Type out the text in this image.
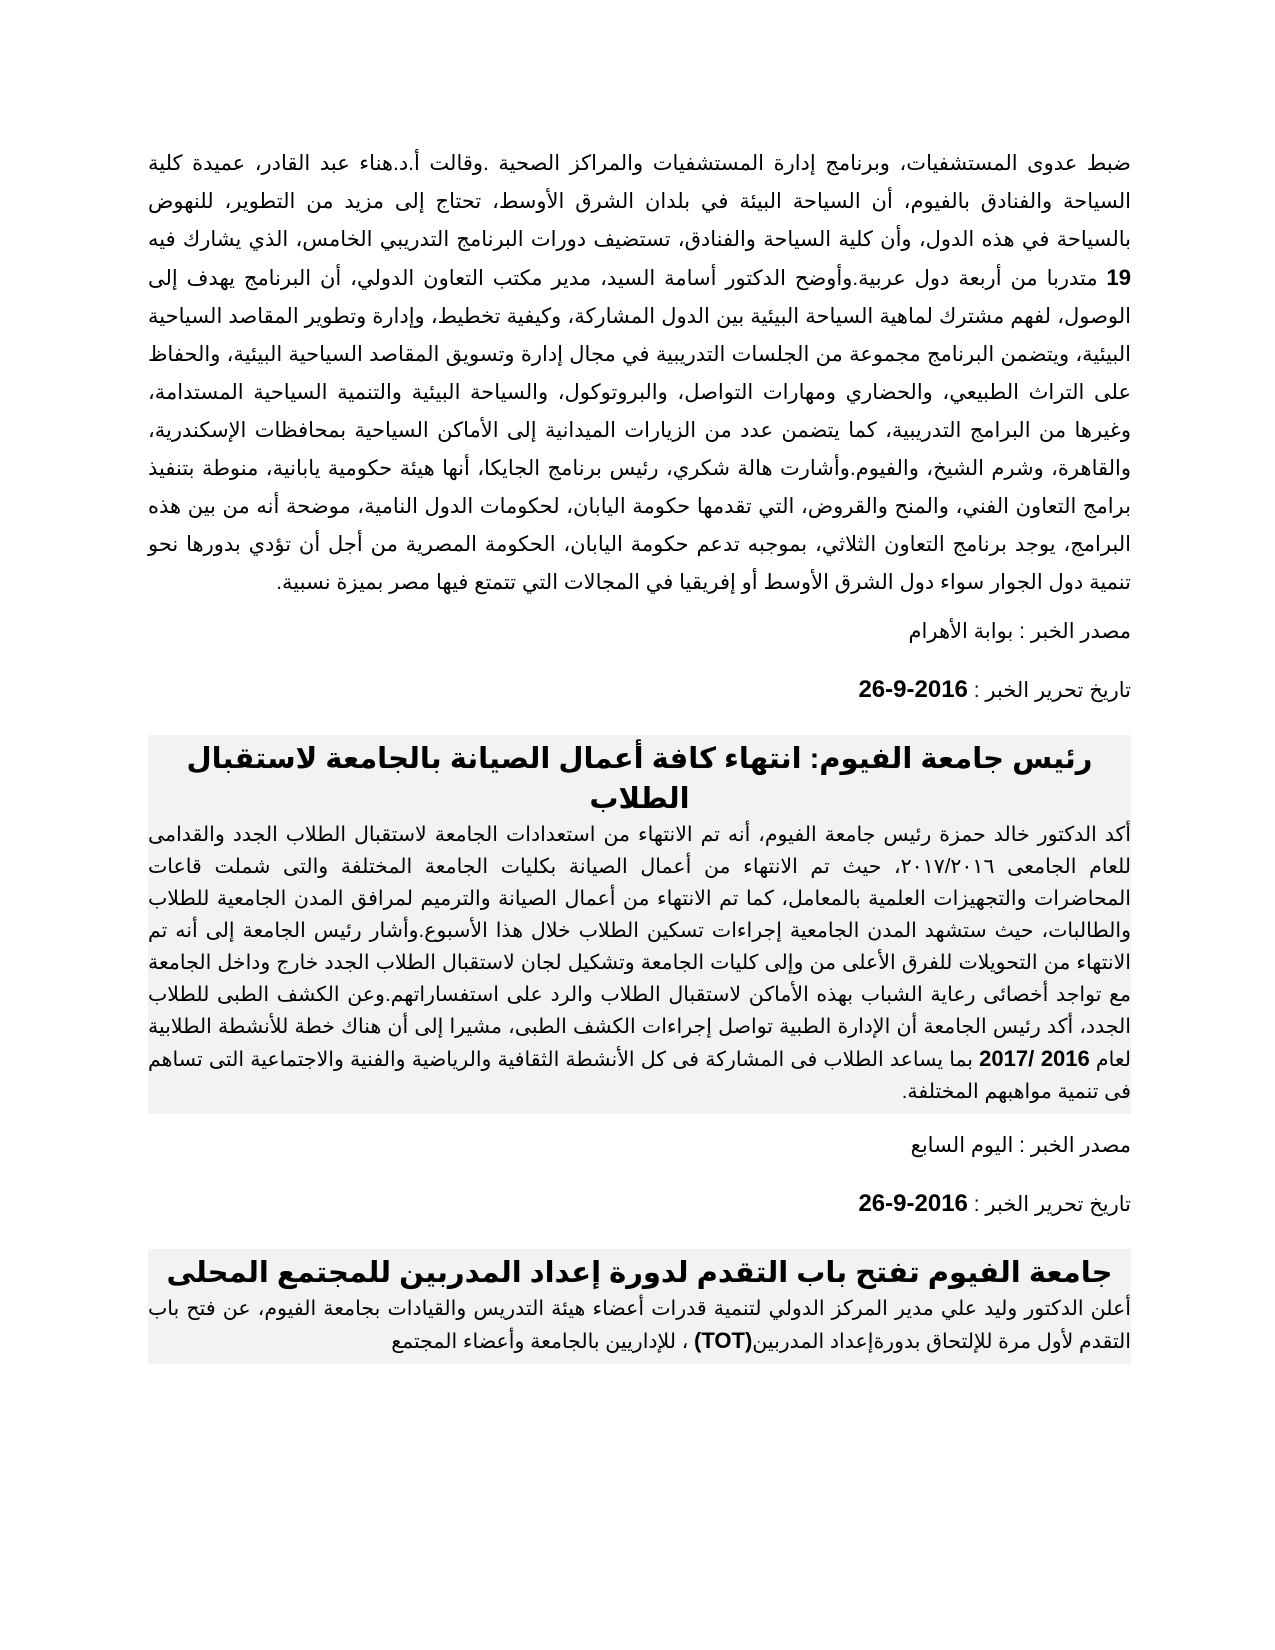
ضبط عدوى المستشفيات، وبرنامج إدارة المستشفيات والمراكز الصحية .وقالت أ.د.هناء عبد القادر، عميدة كلية السياحة والفنادق بالفيوم، أن السياحة البيئة في بلدان الشرق الأوسط، تحتاج إلى مزيد من التطوير، للنهوض بالسياحة في هذه الدول، وأن كلية السياحة والفنادق، تستضيف دورات البرنامج التدريبي الخامس، الذي يشارك فيه 19 متدربا من أربعة دول عربية.وأوضح الدكتور أسامة السيد، مدير مكتب التعاون الدولي، أن البرنامج يهدف إلى الوصول، لفهم مشترك لماهية السياحة البيئية بين الدول المشاركة، وكيفية تخطيط، وإدارة وتطوير المقاصد السياحية البيئية، ويتضمن البرنامج مجموعة من الجلسات التدريبية في مجال إدارة وتسويق المقاصد السياحية البيئية، والحفاظ على التراث الطبيعي، والحضاري ومهارات التواصل، والبروتوكول، والسياحة البيئية والتنمية السياحية المستدامة، وغيرها من البرامج التدريبية، كما يتضمن عدد من الزيارات الميدانية إلى الأماكن السياحية بمحافظات الإسكندرية، والقاهرة، وشرم الشيخ، والفيوم.وأشارت هالة شكري، رئيس برنامج الجايكا، أنها هيئة حكومية يابانية، منوطة بتنفيذ برامج التعاون الفني، والمنح والقروض، التي تقدمها حكومة اليابان، لحكومات الدول النامية، موضحة أنه من بين هذه البرامج، يوجد برنامج التعاون الثلاثي، بموجبه تدعم حكومة اليابان، الحكومة المصرية من أجل أن تؤدي بدورها نحو تنمية دول الجوار سواء دول الشرق الأوسط أو إفريقيا في المجالات التي تتمتع فيها مصر بميزة نسبية.

مصدر الخبر : بوابة الأهرام

تاريخ تحرير الخبر : 2016-9-26

رئيس جامعة الفيوم: انتهاء كافة أعمال الصيانة بالجامعة لاستقبال الطلاب

أكد الدكتور خالد حمزة رئيس جامعة الفيوم، أنه تم الانتهاء من استعدادات الجامعة لاستقبال الطلاب الجدد والقدامى للعام الجامعى ٢٠١٧/٢٠١٦، حيث تم الانتهاء من أعمال الصيانة بكليات الجامعة المختلفة والتى شملت قاعات المحاضرات والتجهيزات العلمية بالمعامل، كما تم الانتهاء من أعمال الصيانة والترميم لمرافق المدن الجامعية للطلاب والطالبات، حيث ستشهد المدن الجامعية إجراءات تسكين الطلاب خلال هذا الأسبوع.وأشار رئيس الجامعة إلى أنه تم الانتهاء من التحويلات للفرق الأعلى من وإلى كليات الجامعة وتشكيل لجان لاستقبال الطلاب الجدد خارج وداخل الجامعة مع تواجد أخصائى رعاية الشباب بهذه الأماكن لاستقبال الطلاب والرد على استفساراتهم.وعن الكشف الطبى للطلاب الجدد، أكد رئيس الجامعة أن الإدارة الطبية تواصل إجراءات الكشف الطبى، مشيرا إلى أن هناك خطة للأنشطة الطلابية لعام 2016 /2017 بما يساعد الطلاب فى المشاركة فى كل الأنشطة الثقافية والرياضية والفنية والاجتماعية التى تساهم فى تنمية مواهبهم المختلفة.

مصدر الخبر : اليوم السابع

تاريخ تحرير الخبر : 2016-9-26

جامعة الفيوم تفتح باب التقدم لدورة إعداد المدربين للمجتمع المحلى

أعلن الدكتور وليد علي مدير المركز الدولي لتنمية قدرات أعضاء هيئة التدريس والقيادات بجامعة الفيوم، عن فتح باب التقدم لأول مرة للإلتحاق بدورةإعداد المدربين(TOT) ، للإداريين بالجامعة وأعضاء المجتمع
